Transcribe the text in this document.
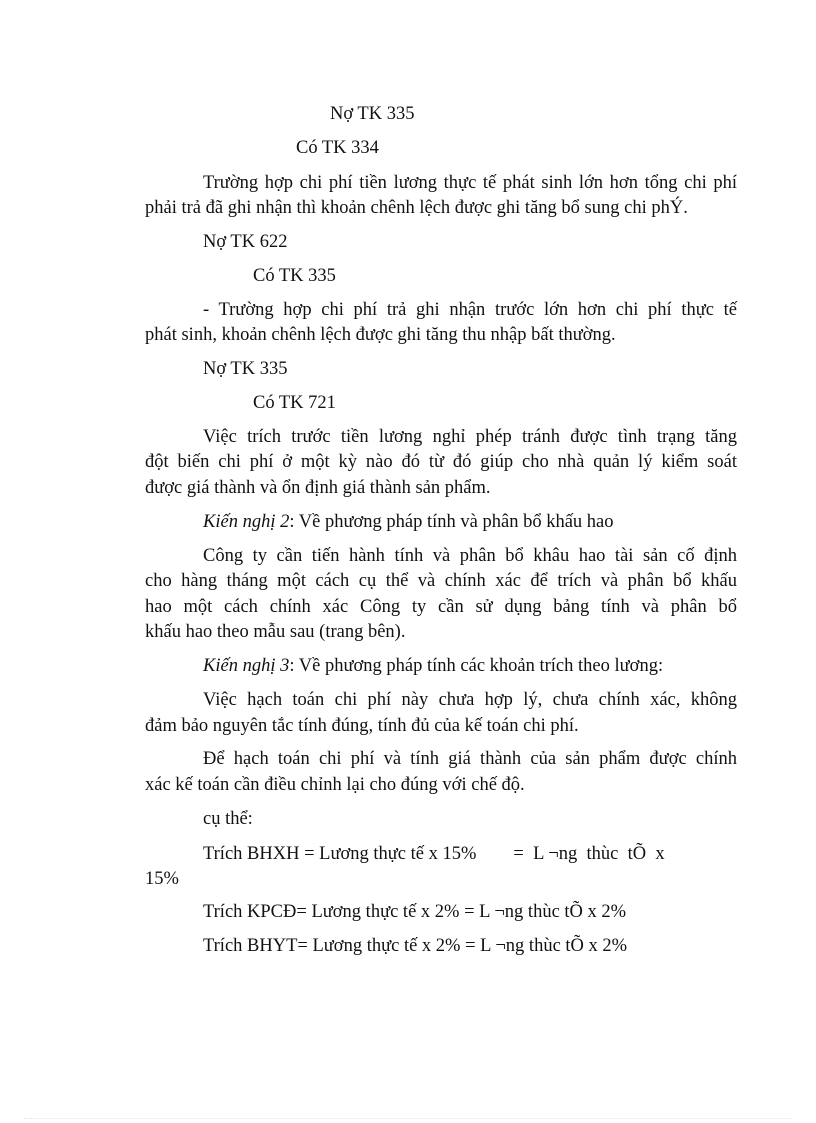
Nợ TK 335
Có TK 334
Trường hợp chi phí tiền lương thực tế phát sinh lớn hơn tổng chi phí
phải trả đã ghi nhận thì khoản chênh lệch được ghi tăng bổ sung chi phÝ.
Nợ TK 622
Có TK 335
- Trường hợp chi phí trả ghi nhận trước lớn hơn chi phí thực tế
phát sinh, khoản chênh lệch được ghi tăng thu nhập bất thường.
Nợ TK 335
Có TK 721
Việc trích trước tiền lương nghỉ phép tránh được tình trạng tăng
đột biến chi phí ở một kỳ nào đó từ đó giúp cho nhà quản lý kiểm soát
được giá thành và ổn định giá thành sản phẩm.
Kiến nghị 2: Về phương pháp tính và phân bổ khấu hao
Công ty cần tiến hành tính và phân bổ khâu hao tài sản cố định
cho hàng tháng một cách cụ thể và chính xác để trích và phân bổ khấu
hao một cách chính xác Công ty cần sử dụng bảng tính và phân bổ
khấu hao theo mẫu sau (trang bên).
Kiến nghị 3: Về phương pháp tính các khoản trích theo lương:
Việc hạch toán chi phí này chưa hợp lý, chưa chính xác, không
đảm bảo nguyên tắc tính đúng, tính đủ của kế toán chi phí.
Để hạch toán chi phí và tính giá thành của sản phẩm được chính
xác kế toán cần điều chỉnh lại cho đúng với chế độ.
cụ thể:
Trích BHXH = Lương thực tế x 15%        =  L ¬ng  thùc  tÕ  x
15%
Trích KPCĐ= Lương thực tế x 2% = L ¬ng thùc tÕ x 2%
Trích BHYT= Lương thực tế x 2% = L ¬ng thùc tÕ x 2%
